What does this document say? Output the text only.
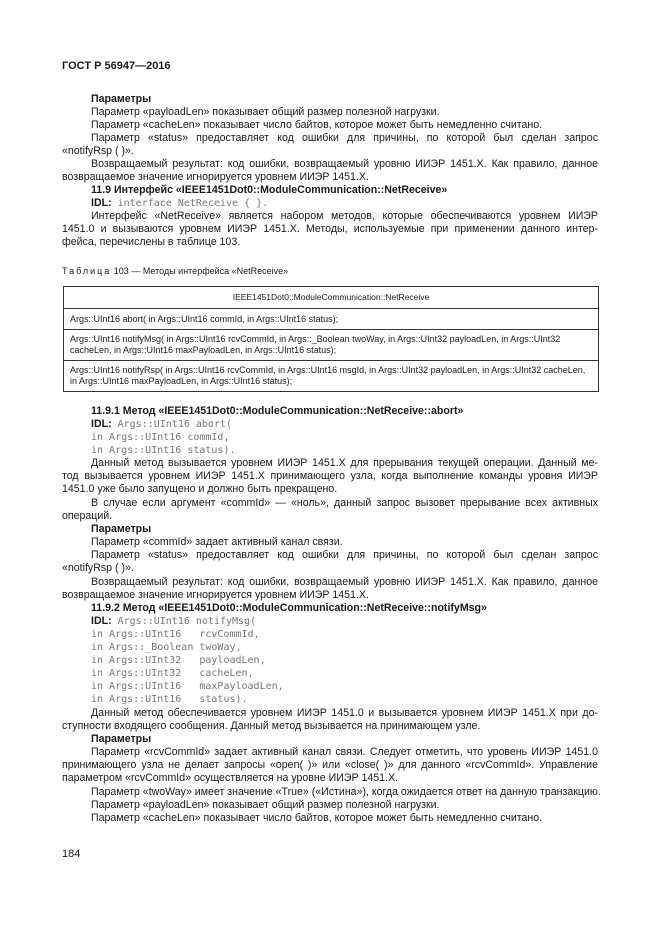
ГОСТ Р 56947—2016
Параметры
Параметр «payloadLen» показывает общий размер полезной нагрузки.
Параметр «cacheLen» показывает число байтов, которое может быть немедленно считано.
Параметр «status» предоставляет код ошибки для причины, по которой был сделан запрос
«notifyRsp ( )».
Возвращаемый результат: код ошибки, возвращаемый уровню ИИЭР 1451.X. Как правило, данное
возвращаемое значение игнорируется уровнем ИИЭР 1451.X.
11.9 Интерфейс «IEEE1451Dot0::ModuleCommunication::NetReceive»
IDL: interface NetReceive { }.
Интерфейс «NetReceive» является набором методов, которые обеспечиваются уровнем ИИЭР
1451.0 и вызываются уровнем ИИЭР 1451.X. Методы, используемые при применении данного интер-
фейса, перечислены в таблице 103.
Таблица 103 — Методы интерфейса «NetReceive»
IEEE1451Dot0::ModuleCommunication::NetReceive
Args::UInt16 abort( in Args::UInt16 commId, in Args::UInt16 status);
Args::UInt16 notifyMsg( in Args::UInt16 rcvCommId, in Args::_Boolean twoWay, in Args::UInt32 payloadLen, in Args::UInt32 cacheLen, in Args::UInt16 maxPayloadLen, in Args::UInt16 status);
Args::UInt16 notifyRsp( in Args::UInt16 rcvCommId, in Args::UInt16 msgId, in Args::UInt32 payloadLen, in Args::UInt32 cacheLen, in Args::UInt16 maxPayloadLen, in Args::UInt16 status);
11.9.1 Метод «IEEE1451Dot0::ModuleCommunication::NetReceive::abort»
IDL: Args::UInt16 abort(
in Args::UInt16 commId,
in Args::UInt16 status).
Данный метод вызывается уровнем ИИЭР 1451.X для прерывания текущей операции. Данный ме-
тод вызывается уровнем ИИЭР 1451.X принимающего узла, когда выполнение команды уровня ИИЭР
1451.0 уже было запущено и должно быть прекращено.
В случае если аргумент «commId» — «ноль», данный запрос вызовет прерывание всех активных
операций.
Параметры
Параметр «commId» задает активный канал связи.
Параметр «status» предоставляет код ошибки для причины, по которой был сделан запрос
«notifyRsp ( )».
Возвращаемый результат: код ошибки, возвращаемый уровню ИИЭР 1451.X. Как правило, данное
возвращаемое значение игнорируется уровнем ИИЭР 1451.X.
11.9.2 Метод «IEEE1451Dot0::ModuleCommunication::NetReceive::notifyMsg»
IDL: Args::UInt16 notifyMsg(
in Args::UInt16   rcvCommId,
in Args::_Boolean twoWay,
in Args::UInt32   payloadLen,
in Args::UInt32   cacheLen,
in Args::UInt16   maxPayloadLen,
in Args::UInt16   status).
Данный метод обеспечивается уровнем ИИЭР 1451.0 и вызывается уровнем ИИЭР 1451.X при до-
ступности входящего сообщения. Данный метод вызывается на принимающем узле.
Параметры
Параметр «rcvCommId» задает активный канал связи. Следует отметить, что уровень ИИЭР 1451.0
принимающего узла не делает запросы «open( )» или «close( )» для данного «rcvCommId». Управление
параметром «rcvCommId» осуществляется на уровне ИИЭР 1451.X.
Параметр «twoWay» имеет значение «True» («Истина»), когда ожидается ответ на данную транзакцию.
Параметр «payloadLen» показывает общий размер полезной нагрузки.
Параметр «cacheLen» показывает число байтов, которое может быть немедленно считано.
184
